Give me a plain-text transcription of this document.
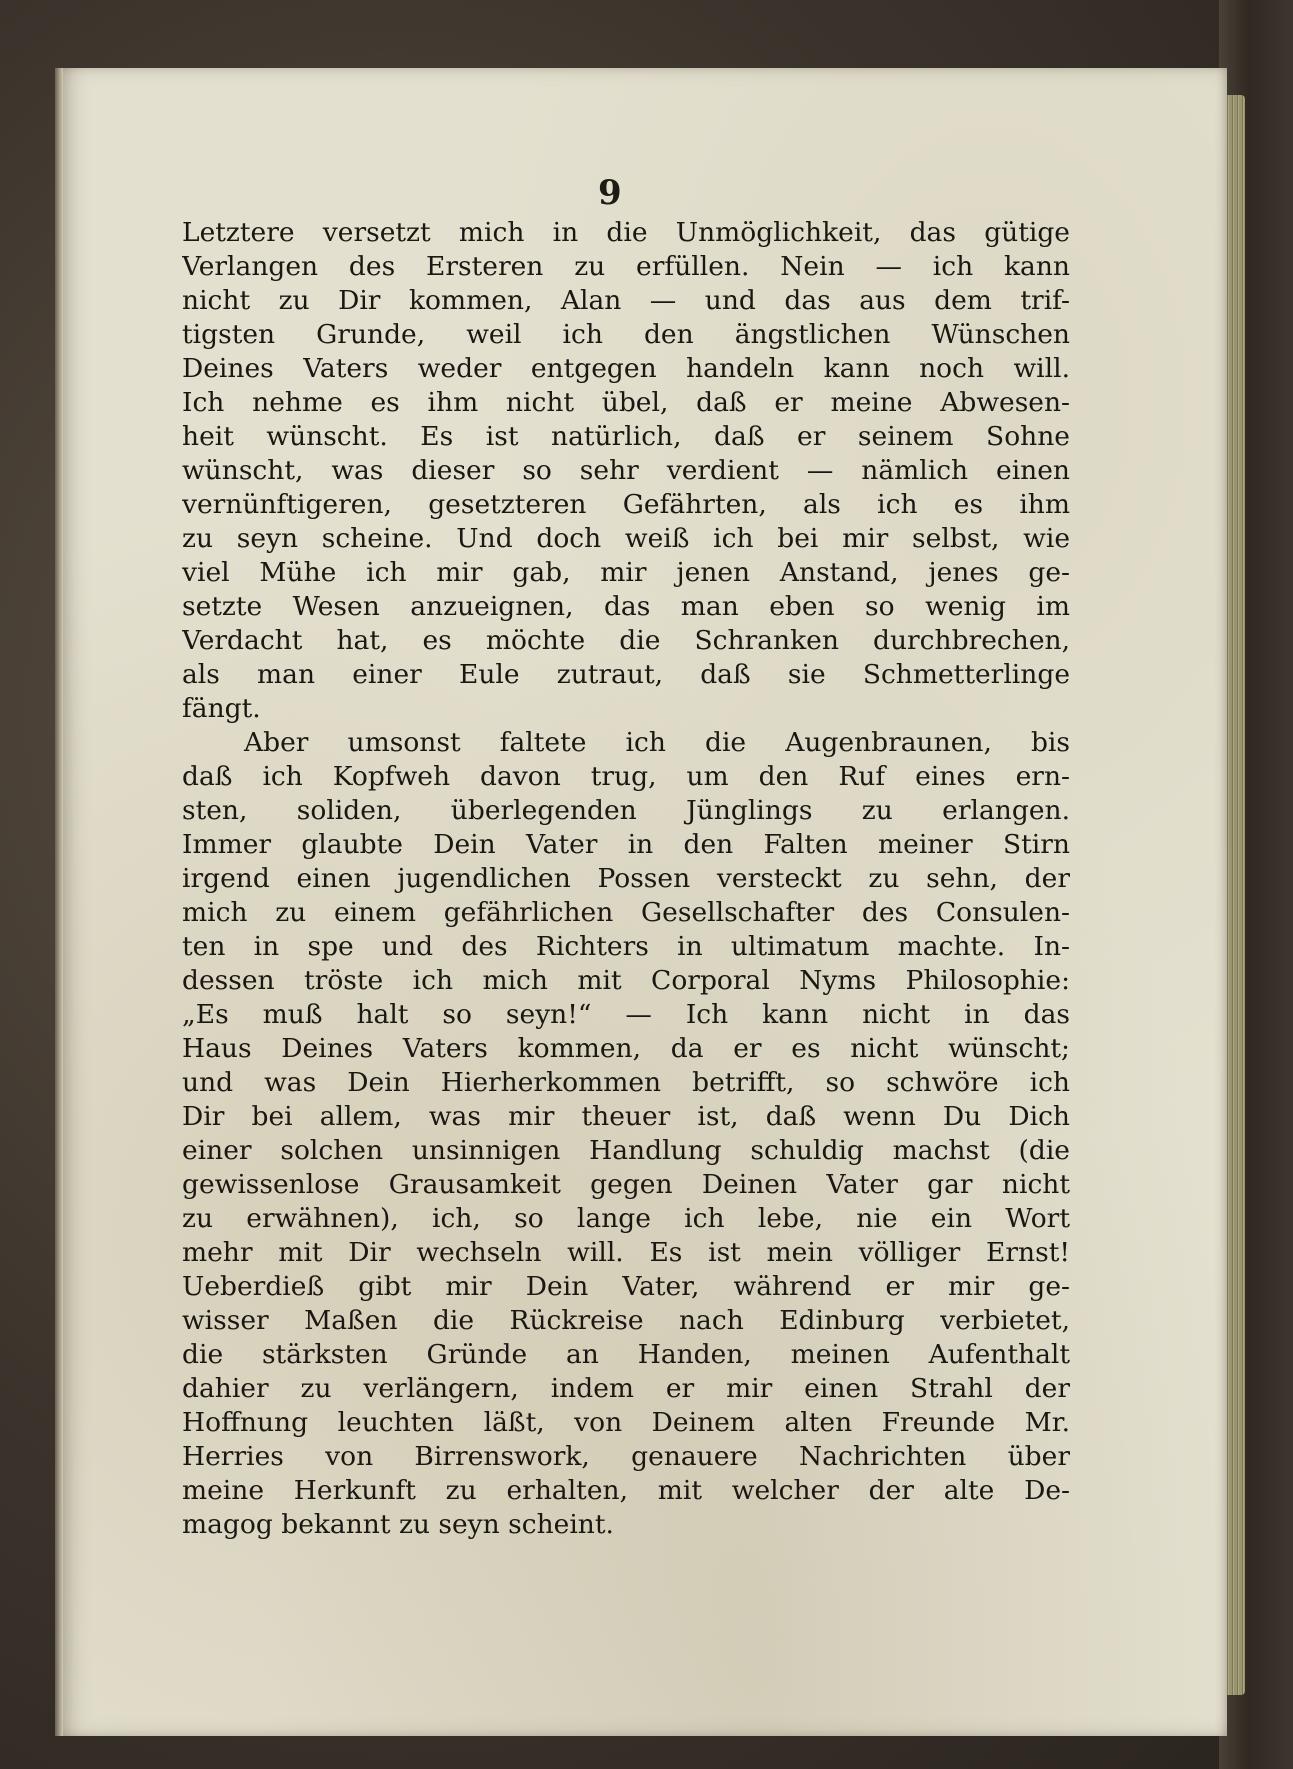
9
Letztere versetzt mich in die Unmöglichkeit, das gütige
Verlangen des Ersteren zu erfüllen. Nein — ich kann
nicht zu Dir kommen, Alan — und das aus dem trif-
tigsten Grunde, weil ich den ängstlichen Wünschen
Deines Vaters weder entgegen handeln kann noch will.
Ich nehme es ihm nicht übel, daß er meine Abwesen-
heit wünscht. Es ist natürlich, daß er seinem Sohne
wünscht, was dieser so sehr verdient — nämlich einen
vernünftigeren, gesetzteren Gefährten, als ich es ihm
zu seyn scheine. Und doch weiß ich bei mir selbst, wie
viel Mühe ich mir gab, mir jenen Anstand, jenes ge-
setzte Wesen anzueignen, das man eben so wenig im
Verdacht hat, es möchte die Schranken durchbrechen,
als man einer Eule zutraut, daß sie Schmetterlinge
fängt.
Aber umsonst faltete ich die Augenbraunen, bis
daß ich Kopfweh davon trug, um den Ruf eines ern-
sten, soliden, überlegenden Jünglings zu erlangen.
Immer glaubte Dein Vater in den Falten meiner Stirn
irgend einen jugendlichen Possen versteckt zu sehn, der
mich zu einem gefährlichen Gesellschafter des Consulen-
ten in spe und des Richters in ultimatum machte. In-
dessen tröste ich mich mit Corporal Nyms Philosophie:
„Es muß halt so seyn!“ — Ich kann nicht in das
Haus Deines Vaters kommen, da er es nicht wünscht;
und was Dein Hierherkommen betrifft, so schwöre ich
Dir bei allem, was mir theuer ist, daß wenn Du Dich
einer solchen unsinnigen Handlung schuldig machst (die
gewissenlose Grausamkeit gegen Deinen Vater gar nicht
zu erwähnen), ich, so lange ich lebe, nie ein Wort
mehr mit Dir wechseln will. Es ist mein völliger Ernst!
Ueberdieß gibt mir Dein Vater, während er mir ge-
wisser Maßen die Rückreise nach Edinburg verbietet,
die stärksten Gründe an Handen, meinen Aufenthalt
dahier zu verlängern, indem er mir einen Strahl der
Hoffnung leuchten läßt, von Deinem alten Freunde Mr.
Herries von Birrenswork, genauere Nachrichten über
meine Herkunft zu erhalten, mit welcher der alte De-
magog bekannt zu seyn scheint.
